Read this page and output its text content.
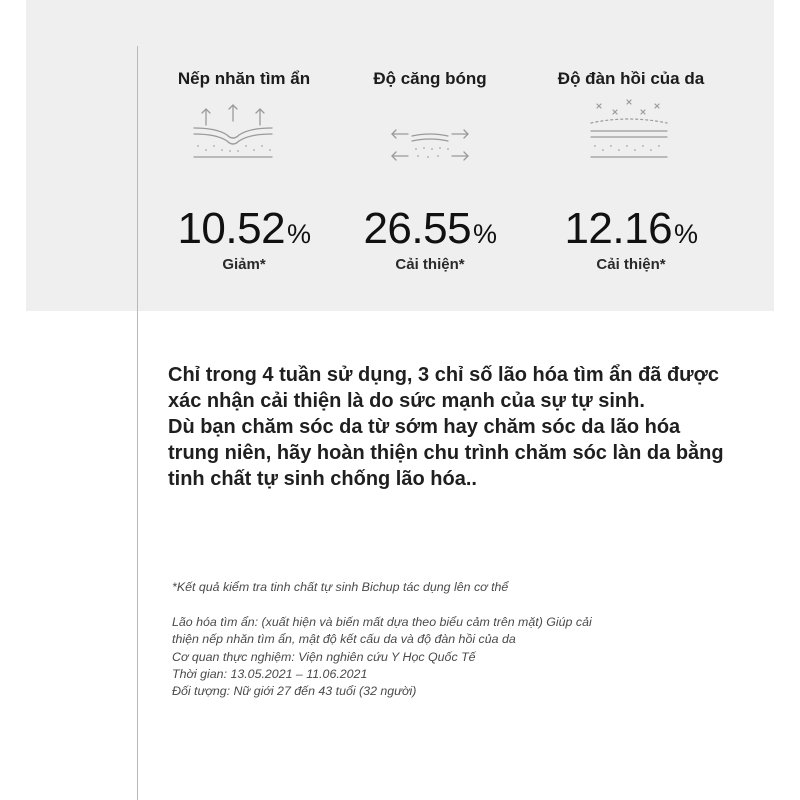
Nếp nhăn tìm ẩn
10.52%
Giảm*
Độ căng bóng
26.55%
Cải thiện*
Độ đàn hồi của da
12.16%
Cải thiện*

Chỉ trong 4 tuần sử dụng, 3 chỉ số lão hóa tìm ẩn đã được xác nhận cải thiện là do sức mạnh của sự tự sinh.

Dù bạn chăm sóc da từ sớm hay chăm sóc da lão hóa trung niên, hãy hoàn thiện chu trình chăm sóc làn da bằng tinh chất tự sinh chống lão hóa..

*Kết quả kiểm tra tinh chất tự sinh Bichup tác dụng lên cơ thể

Lão hóa tìm ẩn: (xuất hiện và biến mất dựa theo biểu cảm trên mặt) Giúp cải thiện nếp nhăn tìm ẩn, mật độ kết cấu da và độ đàn hồi của da

Cơ quan thực nghiệm: Viện nghiên cứu Y Học Quốc Tế

Thời gian: 13.05.2021 – 11.06.2021

Đối tượng: Nữ giới 27 đến 43 tuổi (32 người)
